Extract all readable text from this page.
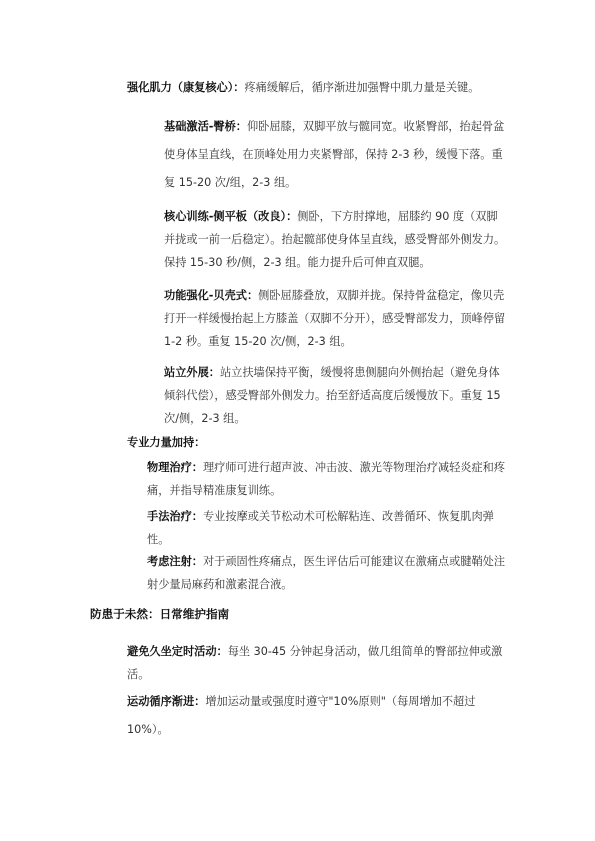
强化肌力（康复核心）：疼痛缓解后，循序渐进加强臀中肌力量是关键。
基础激活-臀桥：仰卧屈膝，双脚平放与髋同宽。收紧臀部，抬起骨盆使身体呈直线，在顶峰处用力夹紧臀部，保持 2-3 秒，缓慢下落。重复 15-20 次/组，2-3 组。
核心训练-侧平板（改良）：侧卧，下方肘撑地，屈膝约 90 度（双脚并拢或一前一后稳定）。抬起髋部使身体呈直线，感受臀部外侧发力。保持 15-30 秒/侧，2-3 组。能力提升后可伸直双腿。
功能强化-贝壳式：侧卧屈膝叠放，双脚并拢。保持骨盆稳定，像贝壳打开一样缓慢抬起上方膝盖（双脚不分开），感受臀部发力，顶峰停留 1-2 秒。重复 15-20 次/侧，2-3 组。
站立外展：站立扶墙保持平衡，缓慢将患侧腿向外侧抬起（避免身体倾斜代偿），感受臀部外侧发力。抬至舒适高度后缓慢放下。重复 15 次/侧，2-3 组。
专业力量加持：
物理治疗：理疗师可进行超声波、冲击波、激光等物理治疗减轻炎症和疼痛，并指导精准康复训练。
手法治疗：专业按摩或关节松动术可松解粘连、改善循环、恢复肌肉弹性。
考虑注射：对于顽固性疼痛点，医生评估后可能建议在激痛点或腱鞘处注射少量局麻药和激素混合液。
防患于未然：日常维护指南
避免久坐定时活动：每坐 30-45 分钟起身活动，做几组简单的臀部拉伸或激活。
运动循序渐进：增加运动量或强度时遵守"10%原则"（每周增加不超过10%）。
